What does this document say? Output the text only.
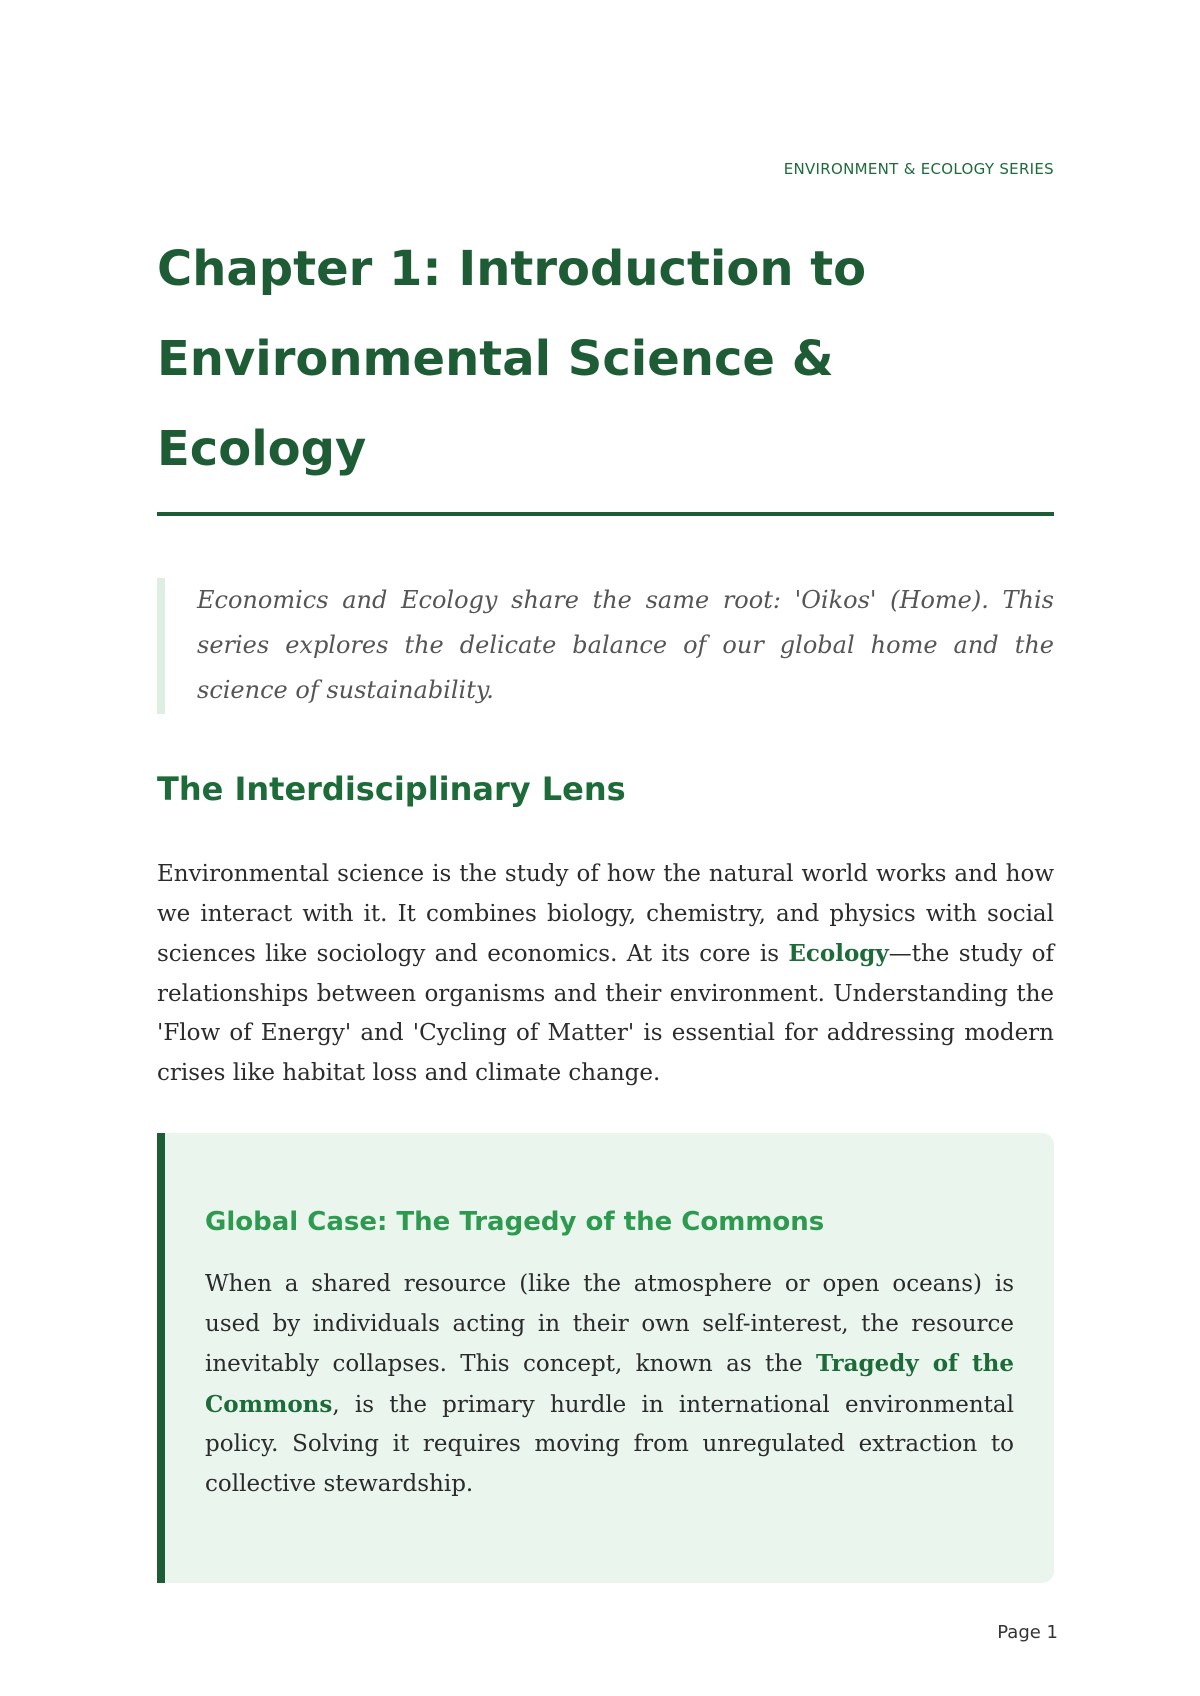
ENVIRONMENT & ECOLOGY SERIES
Chapter 1: Introduction to Environmental Science & Ecology

Economics and Ecology share the same root: 'Oikos' (Home). This series explores the delicate balance of our global home and the science of sustainability.

The Interdisciplinary Lens

Environmental science is the study of how the natural world works and how we interact with it. It combines biology, chemistry, and physics with social sciences like sociology and economics. At its core is Ecology—the study of relationships between organisms and their environment. Understanding the 'Flow of Energy' and 'Cycling of Matter' is essential for addressing modern crises like habitat loss and climate change.

Global Case: The Tragedy of the Commons

When a shared resource (like the atmosphere or open oceans) is used by individuals acting in their own self-interest, the resource inevitably collapses. This concept, known as the Tragedy of the Commons, is the primary hurdle in international environmental policy. Solving it requires moving from unregulated extraction to collective stewardship.

Page 1
